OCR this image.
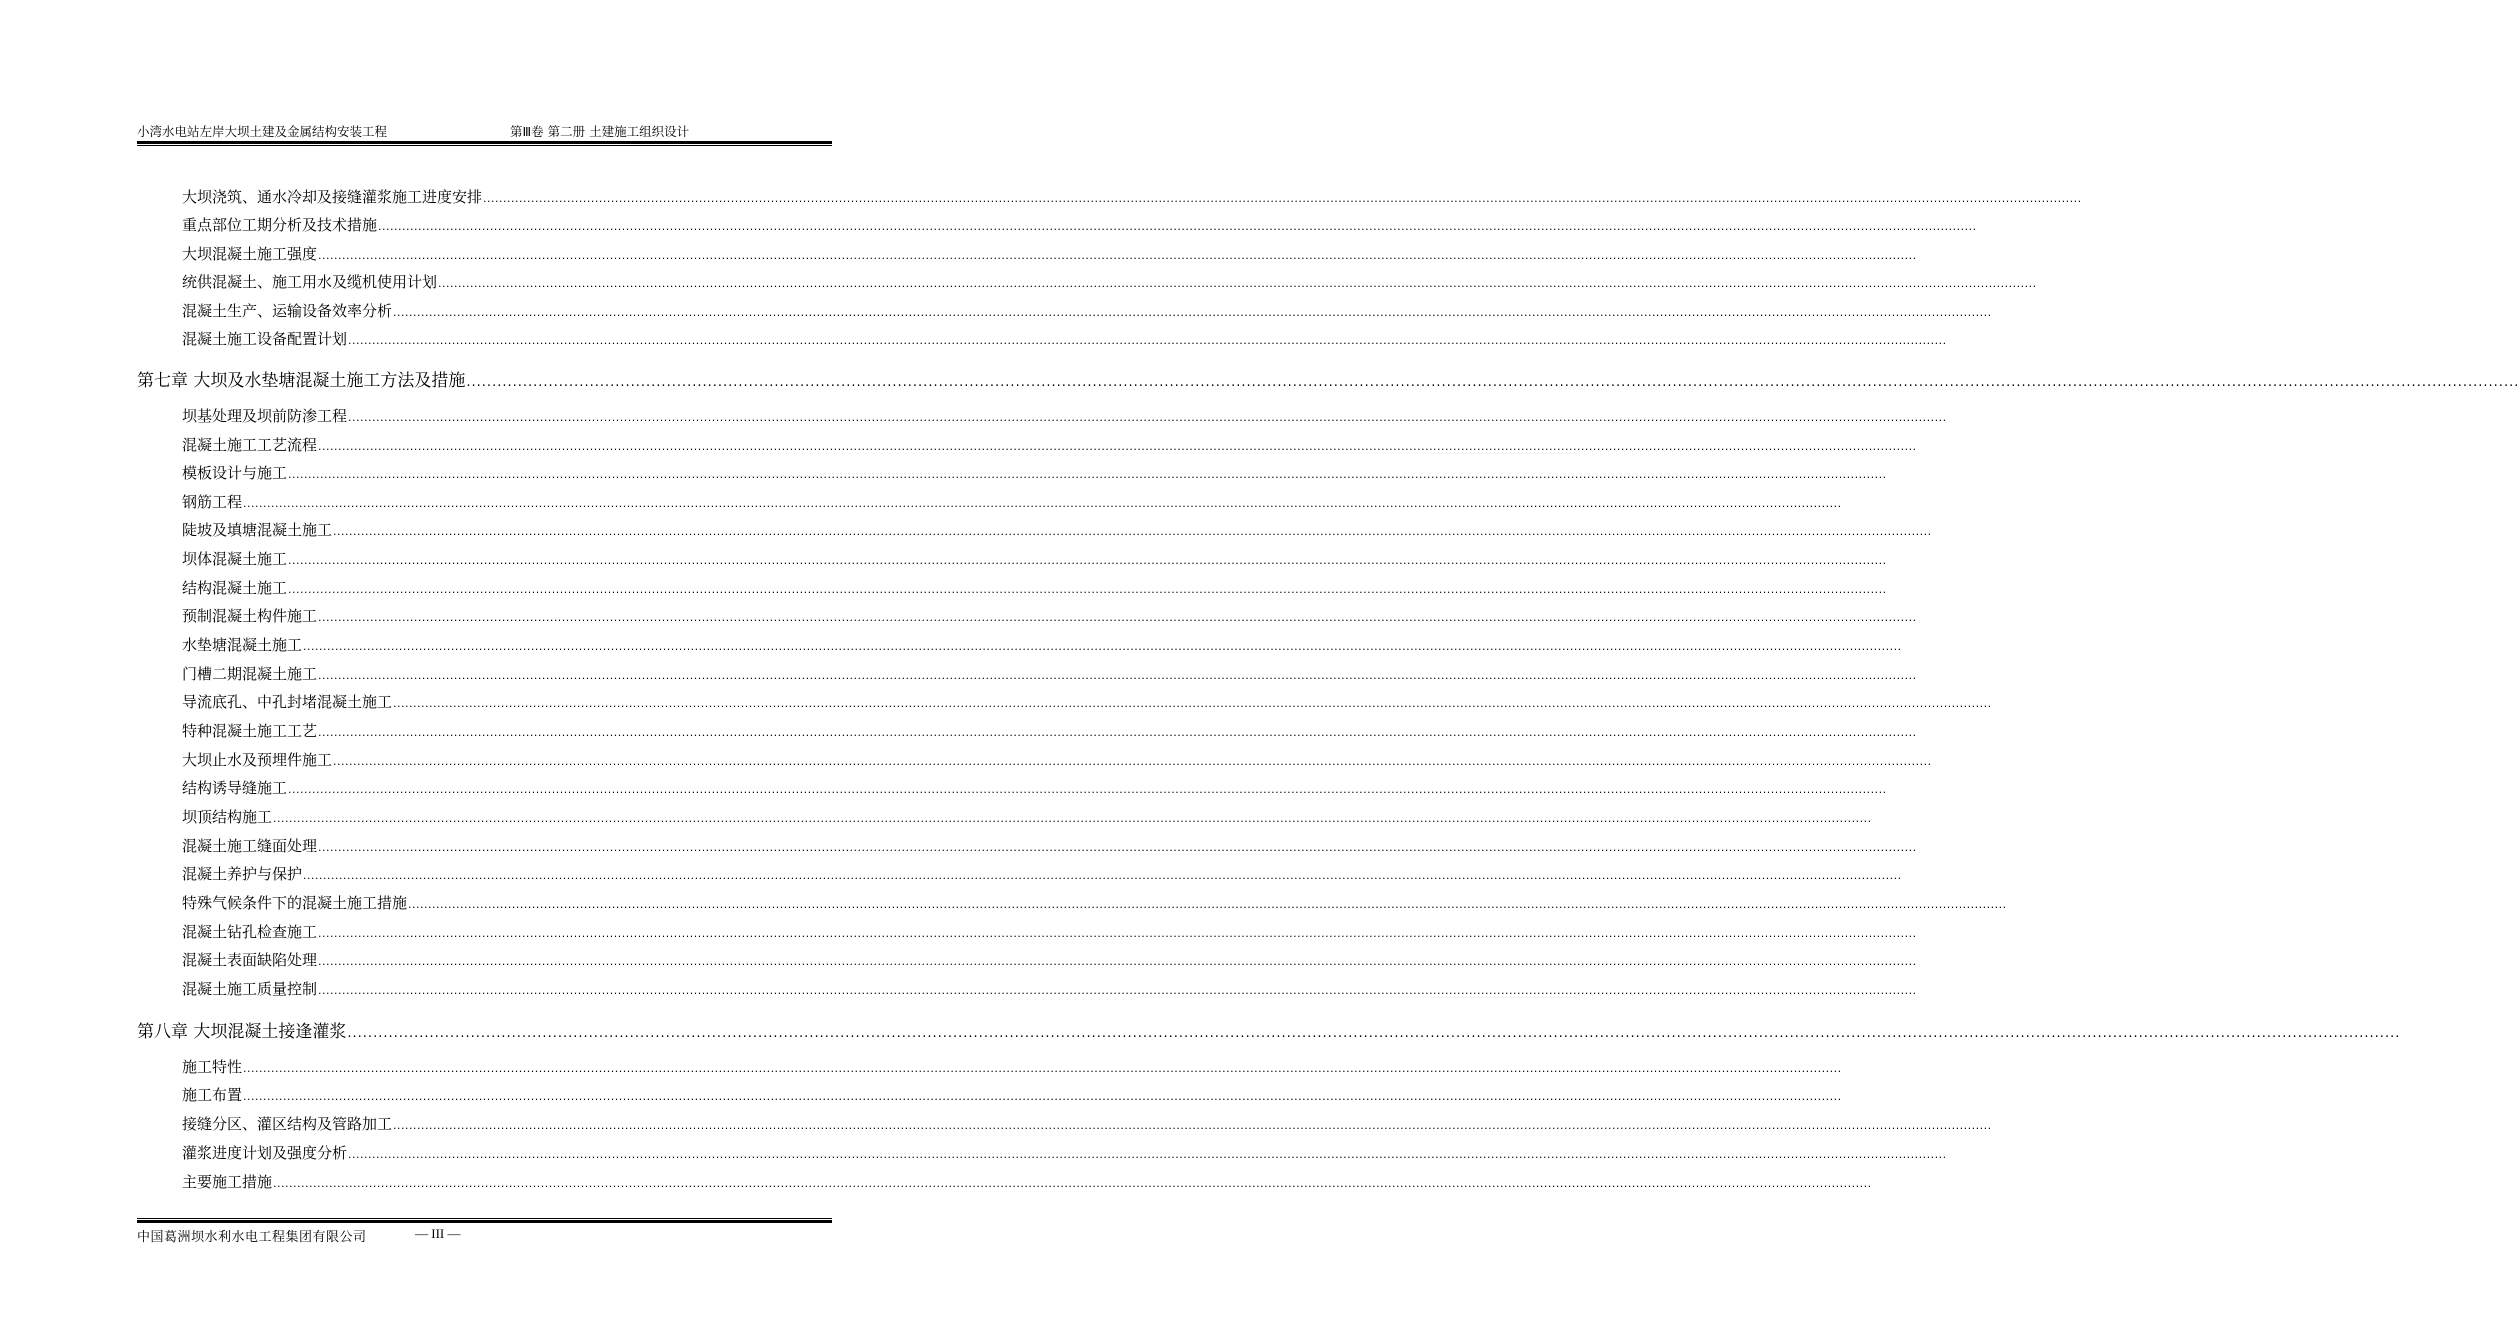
小湾水电站左岸大坝土建及金属结构安装工程	第Ⅲ卷 第二册 土建施工组织设计
大坝浇筑、通水冷却及接缝灌浆施工进度安排 ................................................................................................................................................................................................................................................................................................................................................................................................................
重点部位工期分析及技术措施 ................................................................................................................................................................................................................................................................................................................................................................................................................
大坝混凝土施工强度 ................................................................................................................................................................................................................................................................................................................................................................................................................
统供混凝土、施工用水及缆机使用计划 ................................................................................................................................................................................................................................................................................................................................................................................................................
混凝土生产、运输设备效率分析 ................................................................................................................................................................................................................................................................................................................................................................................................................
混凝土施工设备配置计划 ................................................................................................................................................................................................................................................................................................................................................................................................................
第七章 大坝及水垫塘混凝土施工方法及措施 ................................................................................................................................................................................................................................................................................................................................................................................................................
坝基处理及坝前防渗工程 ................................................................................................................................................................................................................................................................................................................................................................................................................
混凝土施工工艺流程 ................................................................................................................................................................................................................................................................................................................................................................................................................
模板设计与施工 ................................................................................................................................................................................................................................................................................................................................................................................................................
钢筋工程 ................................................................................................................................................................................................................................................................................................................................................................................................................
陡坡及填塘混凝土施工 ................................................................................................................................................................................................................................................................................................................................................................................................................
坝体混凝土施工 ................................................................................................................................................................................................................................................................................................................................................................................................................
结构混凝土施工 ................................................................................................................................................................................................................................................................................................................................................................................................................
预制混凝土构件施工 ................................................................................................................................................................................................................................................................................................................................................................................................................
水垫塘混凝土施工 ................................................................................................................................................................................................................................................................................................................................................................................................................
门槽二期混凝土施工 ................................................................................................................................................................................................................................................................................................................................................................................................................
导流底孔、中孔封堵混凝土施工 ................................................................................................................................................................................................................................................................................................................................................................................................................
特种混凝土施工工艺 ................................................................................................................................................................................................................................................................................................................................................................................................................
大坝止水及预埋件施工 ................................................................................................................................................................................................................................................................................................................................................................................................................
结构诱导缝施工 ................................................................................................................................................................................................................................................................................................................................................................................................................
坝顶结构施工 ................................................................................................................................................................................................................................................................................................................................................................................................................
混凝土施工缝面处理 ................................................................................................................................................................................................................................................................................................................................................................................................................
混凝土养护与保护 ................................................................................................................................................................................................................................................................................................................................................................................................................
特殊气候条件下的混凝土施工措施 ................................................................................................................................................................................................................................................................................................................................................................................................................
混凝土钻孔检查施工 ................................................................................................................................................................................................................................................................................................................................................................................................................
混凝土表面缺陷处理 ................................................................................................................................................................................................................................................................................................................................................................................................................
混凝土施工质量控制 ................................................................................................................................................................................................................................................................................................................................................................................................................
第八章 大坝混凝土接逢灌浆 ................................................................................................................................................................................................................................................................................................................................................................................................................
施工特性 ................................................................................................................................................................................................................................................................................................................................................................................................................
施工布置 ................................................................................................................................................................................................................................................................................................................................................................................................................
接缝分区、灌区结构及管路加工 ................................................................................................................................................................................................................................................................................................................................................................................................................
灌浆进度计划及强度分析 ................................................................................................................................................................................................................................................................................................................................................................................................................
主要施工措施 ................................................................................................................................................................................................................................................................................................................................................................................................................
中国葛洲坝水利水电工程集团有限公司	— III —
